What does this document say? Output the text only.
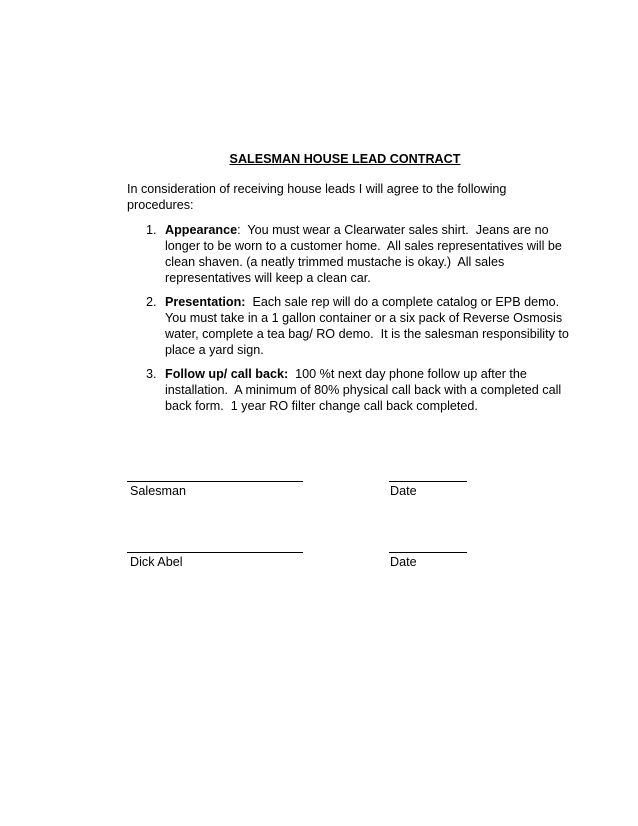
SALESMAN HOUSE LEAD CONTRACT
In consideration of receiving house leads I will agree to the following procedures:
1. Appearance:  You must wear a Clearwater sales shirt.  Jeans are no longer to be worn to a customer home.  All sales representatives will be clean shaven. (a neatly trimmed mustache is okay.)  All sales representatives will keep a clean car.
2. Presentation:  Each sale rep will do a complete catalog or EPB demo.  You must take in a 1 gallon container or a six pack of Reverse Osmosis water, complete a tea bag/ RO demo.  It is the salesman responsibility to place a yard sign.
3. Follow up/ call back:  100 %t next day phone follow up after the installation.  A minimum of 80% physical call back with a completed call back form.  1 year RO filter change call back completed.
Salesman	Date
Dick Abel	Date
